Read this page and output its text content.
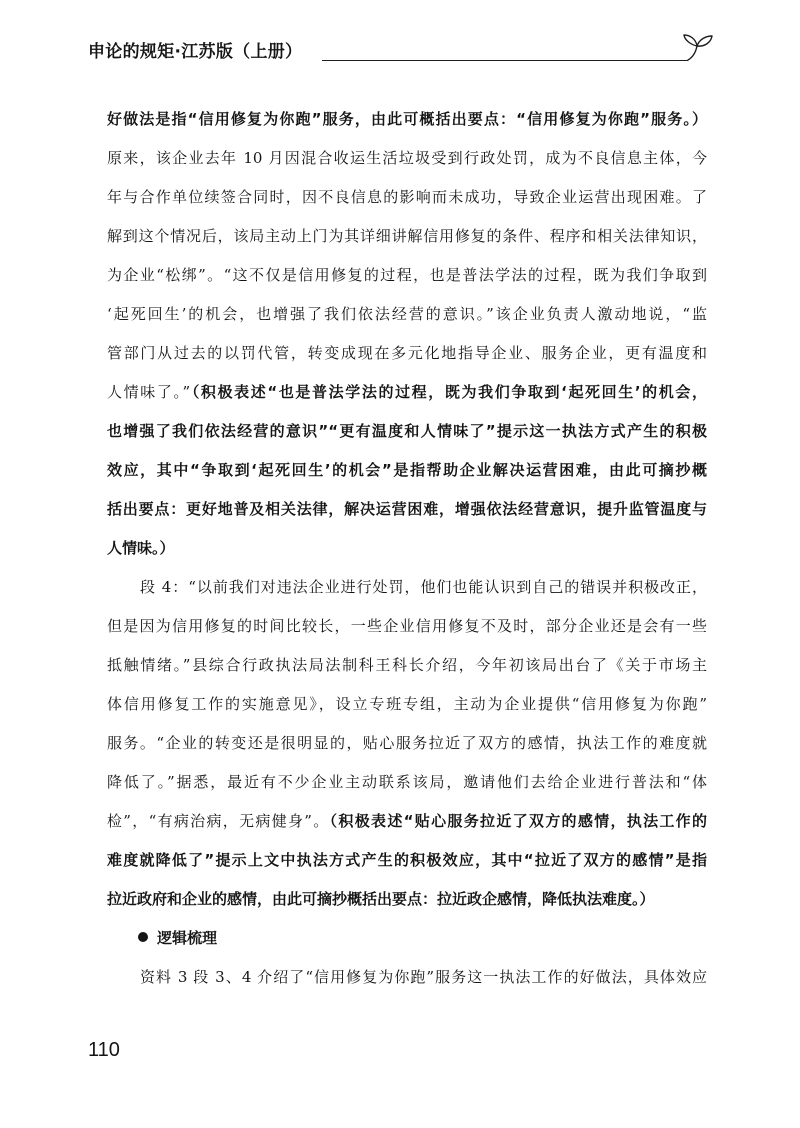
申论的规矩·江苏版（上册）
好做法是指“信用修复为你跑”服务，由此可概括出要点：“信用修复为你跑”服务。）
原来，该企业去年 10 月因混合收运生活垃圾受到行政处罚，成为不良信息主体，今
年与合作单位续签合同时，因不良信息的影响而未成功，导致企业运营出现困难。了
解到这个情况后，该局主动上门为其详细讲解信用修复的条件、程序和相关法律知识，
为企业“松绑”。“这不仅是信用修复的过程，也是普法学法的过程，既为我们争取到
‘起死回生’的机会，也增强了我们依法经营的意识。”该企业负责人激动地说，“监
管部门从过去的以罚代管，转变成现在多元化地指导企业、服务企业，更有温度和
人情味了。”（积极表述“也是普法学法的过程，既为我们争取到‘起死回生’的机会，
也增强了我们依法经营的意识”“更有温度和人情味了”提示这一执法方式产生的积极
效应，其中“争取到‘起死回生’的机会”是指帮助企业解决运营困难，由此可摘抄概
括出要点：更好地普及相关法律，解决运营困难，增强依法经营意识，提升监管温度与
人情味。）
段 4：“以前我们对违法企业进行处罚，他们也能认识到自己的错误并积极改正，
但是因为信用修复的时间比较长，一些企业信用修复不及时，部分企业还是会有一些
抵触情绪。”县综合行政执法局法制科王科长介绍，今年初该局出台了《关于市场主
体信用修复工作的实施意见》，设立专班专组，主动为企业提供“信用修复为你跑”
服务。“企业的转变还是很明显的，贴心服务拉近了双方的感情，执法工作的难度就
降低了。”据悉，最近有不少企业主动联系该局，邀请他们去给企业进行普法和“体
检”，“有病治病，无病健身”。（积极表述“贴心服务拉近了双方的感情，执法工作的
难度就降低了”提示上文中执法方式产生的积极效应，其中“拉近了双方的感情”是指
拉近政府和企业的感情，由此可摘抄概括出要点：拉近政企感情，降低执法难度。）
逻辑梳理
资料 3 段 3、4 介绍了“信用修复为你跑”服务这一执法工作的好做法，具体效应
110
